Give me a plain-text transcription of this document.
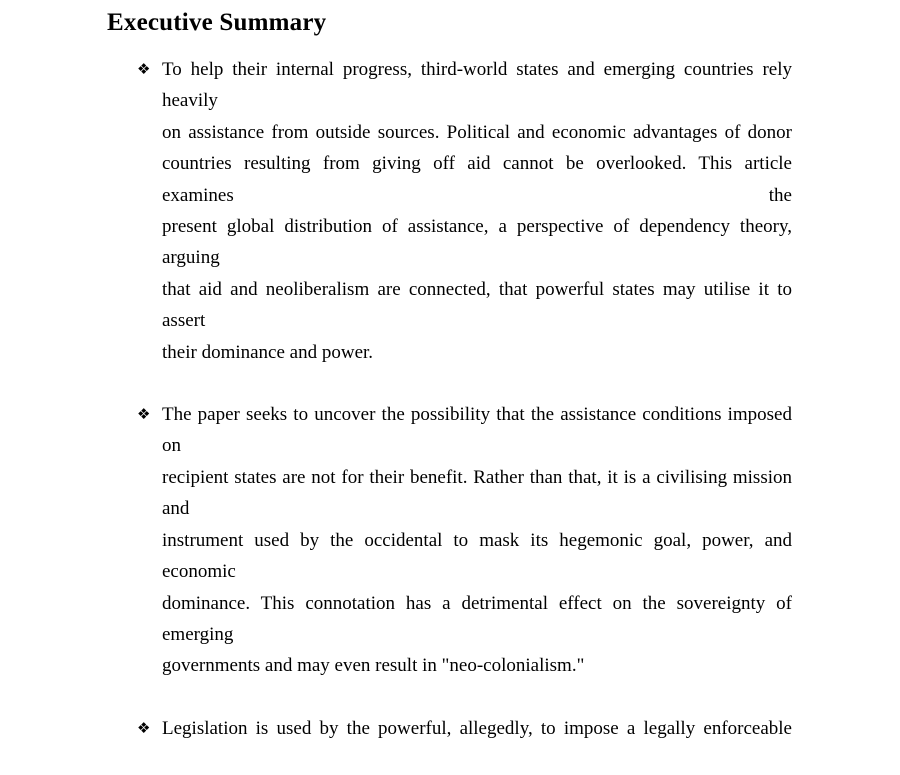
Executive Summary
❖ To help their internal progress, third-world states and emerging countries rely heavily
on assistance from outside sources. Political and economic advantages of donor
countries resulting from giving off aid cannot be overlooked. This article examines the
present global distribution of assistance, a perspective of dependency theory, arguing
that aid and neoliberalism are connected, that powerful states may utilise it to assert
their dominance and power.
❖ The paper seeks to uncover the possibility that the assistance conditions imposed on
recipient states are not for their benefit. Rather than that, it is a civilising mission and
instrument used by the occidental to mask its hegemonic goal, power, and economic
dominance. This connotation has a detrimental effect on the sovereignty of emerging
governments and may even result in "neo-colonialism."
❖ Legislation is used by the powerful, allegedly, to impose a legally enforceable
